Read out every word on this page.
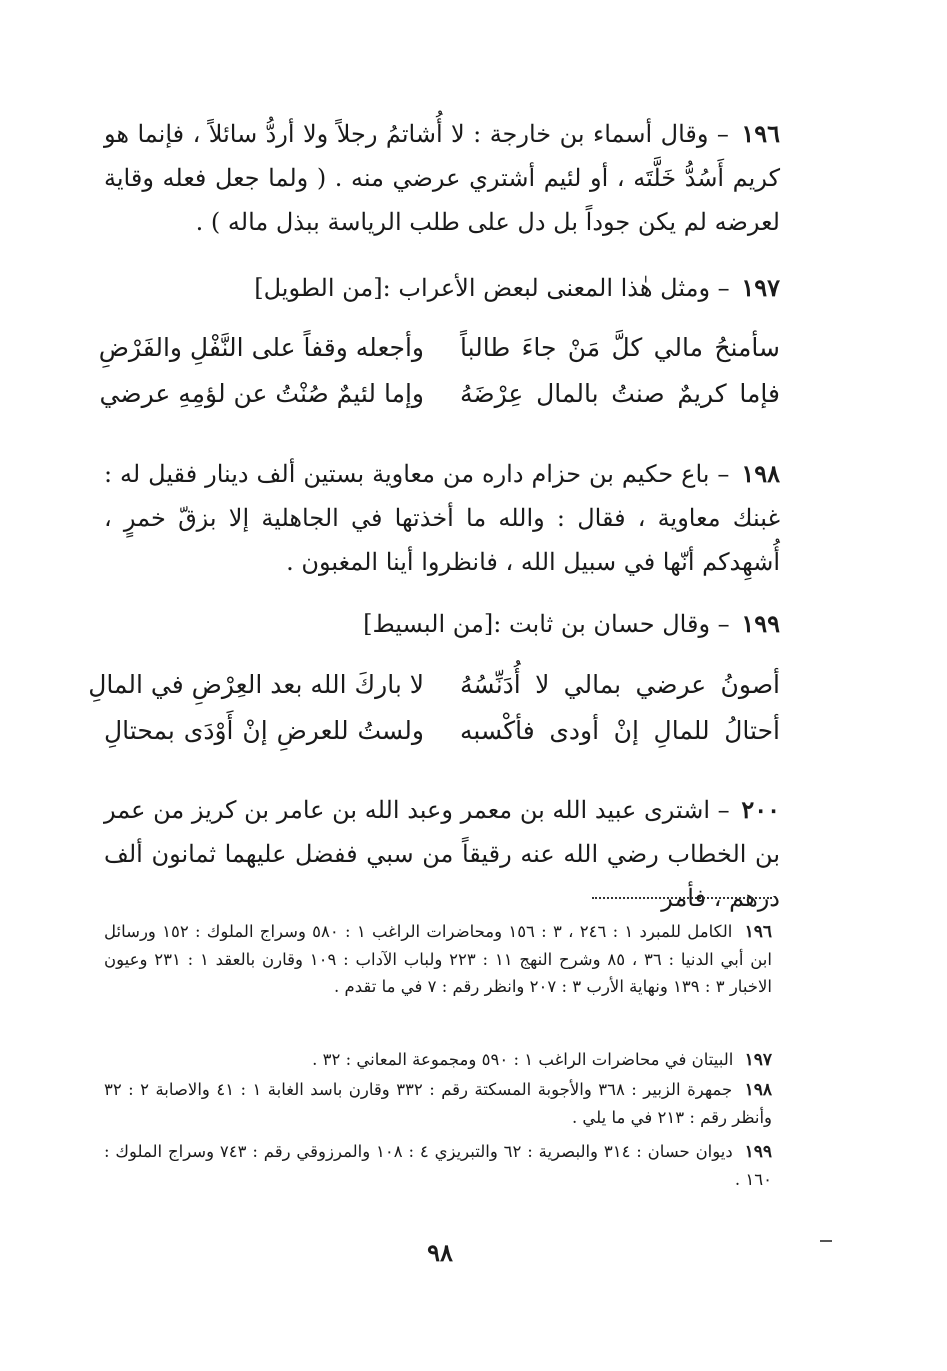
١٩٦ – وقال أسماء بن خارجة : لا أُشاتمُ رجلاً ولا أردُّ سائلاً ، فإنما هو كريم أَسُدُّ خَلَّتَه ، أو لئيم أشتري عرضي منه . ( ولما جعل فعله وقاية لعرضه لم يكن جوداً بل دل على طلب الرياسة ببذل ماله ) .
١٩٧ – ومثل هٰذا المعنى لبعض الأعراب :[من الطويل]
سأمنحُ مالي كلَّ مَنْ جاءَ طالباً
وأجعله وقفاً على النَّفْلِ والفَرْضِ
فإما كريمٌ صنتُ بالمال عِرْضَهُ
وإما لئيمٌ صُنْتُ عن لؤمِهِ عرضي
١٩٨ – باع حكيم بن حزام داره من معاوية بستين ألف دينار فقيل له : غبنك معاوية ، فقال : والله ما أخذتها في الجاهلية إلا بزقّ خمرٍ ، أُشهِدكم أنّها في سبيل الله ، فانظروا أينا المغبون .
١٩٩ – وقال حسان بن ثابت :[من البسيط]
أصونُ عرضي بمالي لا أُدَنِّسُهُ
لا باركَ الله بعد العِرْضِ في المالِ
أحتالُ للمالِ إنْ أودى فأكْسبه
ولستُ للعرضِ إنْ أَوْدَى بمحتالِ
٢٠٠ – اشترى عبيد الله بن معمر وعبد الله بن عامر بن كريز من عمر بن الخطاب رضي الله عنه رقيقاً من سبي ففضل عليهما ثمانون ألف درهم ، فأمر
١٩٦ الكامل للمبرد ١ : ٢٤٦ ، ٣ : ١٥٦ ومحاضرات الراغب ١ : ٥٨٠ وسراج الملوك : ١٥٢ ورسائل ابن أبي الدنيا : ٣٦ ، ٨٥ وشرح النهج ١١ : ٢٢٣ ولباب الآداب : ١٠٩ وقارن بالعقد ١ : ٢٣١ وعيون الاخبار ٣ : ١٣٩ ونهاية الأرب ٣ : ٢٠٧ وانظر رقم : ٧ في ما تقدم .
١٩٧ البيتان في محاضرات الراغب ١ : ٥٩٠ ومجموعة المعاني : ٣٢ .
١٩٨ جمهرة الزبير : ٣٦٨ والأجوبة المسكتة رقم : ٣٣٢ وقارن باسد الغابة ١ : ٤١ والاصابة ٢ : ٣٢ وأنظر رقم : ٢١٣ في ما يلي .
١٩٩ ديوان حسان : ٣١٤ والبصرية : ٦٢ والتبريزي ٤ : ١٠٨ والمرزوقي رقم : ٧٤٣ وسراج الملوك : ١٦٠ .
٩٨
